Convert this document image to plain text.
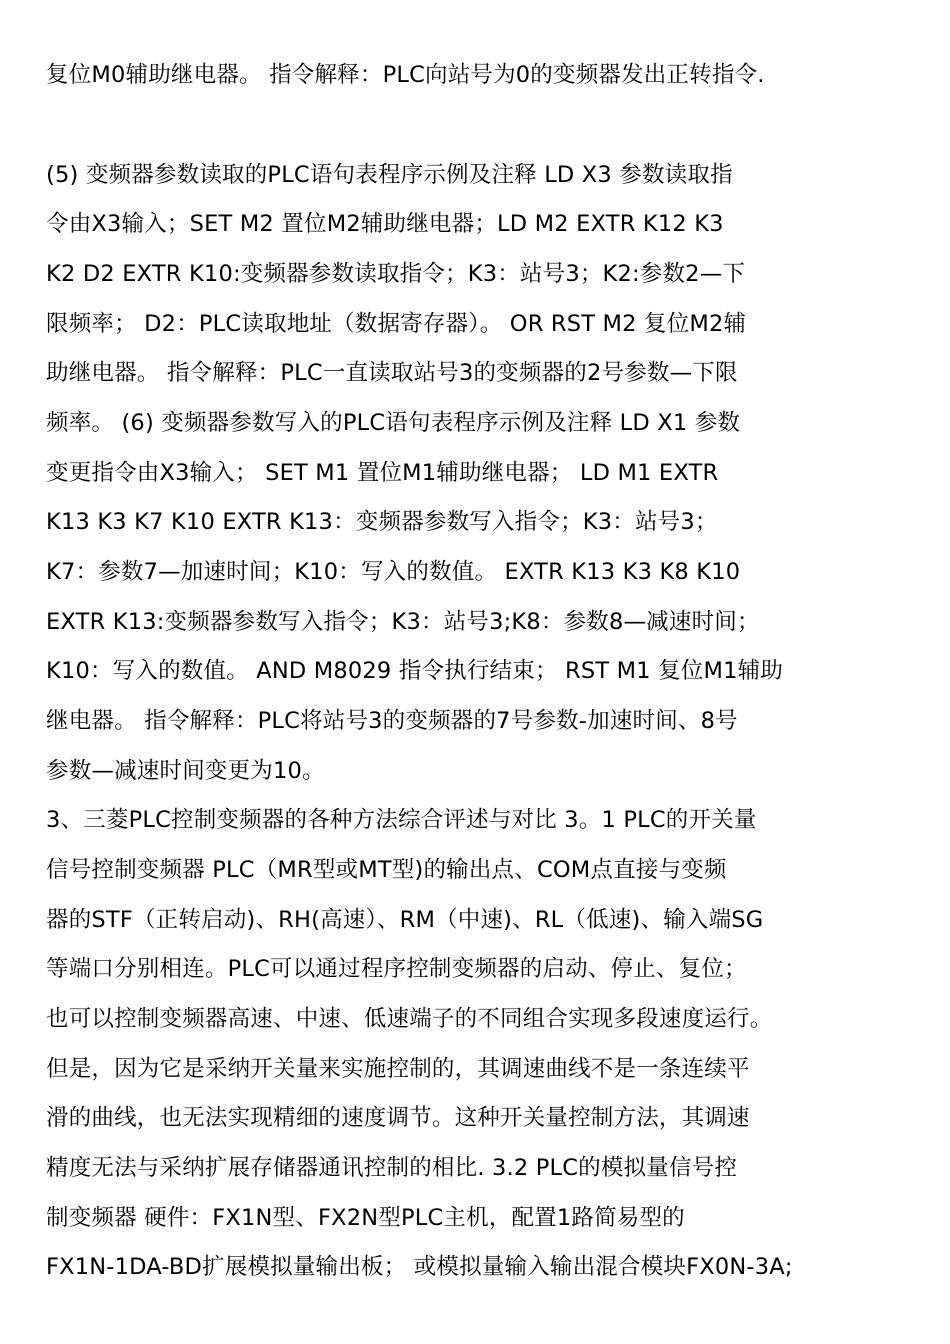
复位M0辅助继电器。 指令解释：PLC向站号为0的变频器发出正转指令.
(5) 变频器参数读取的PLC语句表程序示例及注释 LD X3 参数读取指
令由X3输入；SET M2 置位M2辅助继电器；LD M2 EXTR K12 K3
K2 D2 EXTR K10:变频器参数读取指令；K3：站号3；K2:参数2—下
限频率； D2：PLC读取地址（数据寄存器）。 OR RST M2 复位M2辅
助继电器。 指令解释：PLC一直读取站号3的变频器的2号参数—下限
频率。 (6) 变频器参数写入的PLC语句表程序示例及注释 LD X1 参数
变更指令由X3输入； SET M1 置位M1辅助继电器； LD M1 EXTR
K13 K3 K7 K10 EXTR K13：变频器参数写入指令；K3：站号3；
K7：参数7—加速时间；K10：写入的数值。 EXTR K13 K3 K8 K10
EXTR K13:变频器参数写入指令；K3：站号3;K8：参数8—减速时间；
K10：写入的数值。 AND M8029 指令执行结束； RST M1 复位M1辅助
继电器。 指令解释：PLC将站号3的变频器的7号参数-加速时间、8号
参数—减速时间变更为10。
3、三菱PLC控制变频器的各种方法综合评述与对比 3。1 PLC的开关量
信号控制变频器 PLC（MR型或MT型)的输出点、COM点直接与变频
器的STF（正转启动)、RH(高速）、RM（中速)、RL（低速)、输入端SG
等端口分别相连。PLC可以通过程序控制变频器的启动、停止、复位；
也可以控制变频器高速、中速、低速端子的不同组合实现多段速度运行。
但是，因为它是采纳开关量来实施控制的，其调速曲线不是一条连续平
滑的曲线，也无法实现精细的速度调节。这种开关量控制方法，其调速
精度无法与采纳扩展存储器通讯控制的相比. 3.2 PLC的模拟量信号控
制变频器 硬件：FX1N型、FX2N型PLC主机，配置1路简易型的
FX1N-1DA-BD扩展模拟量输出板； 或模拟量输入输出混合模块FX0N-3A;
